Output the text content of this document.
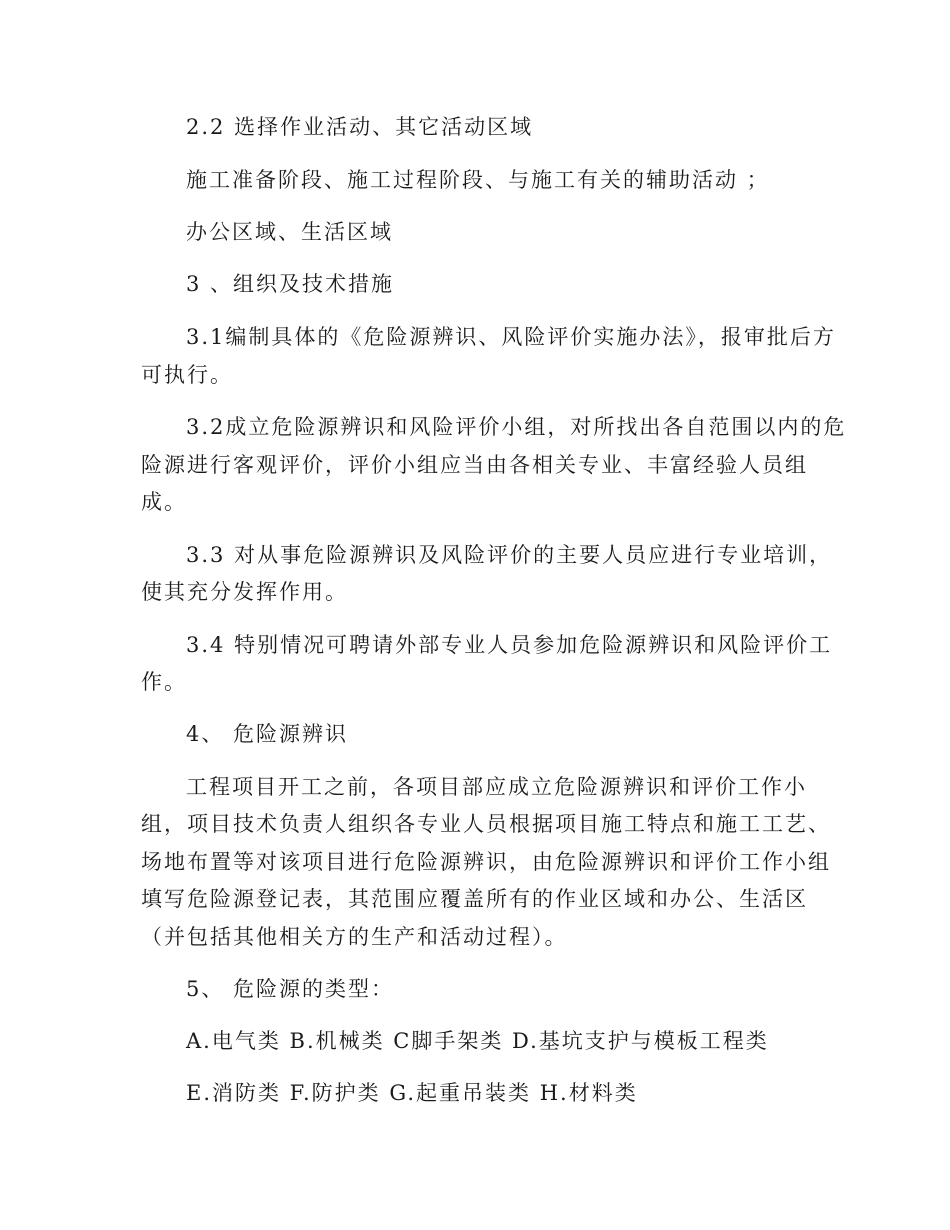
2.2 选择作业活动、其它活动区域

施工准备阶段、施工过程阶段、与施工有关的辅助活动 ；

办公区域、生活区域

3 、组织及技术措施

3.1编制具体的《危险源辨识、风险评价实施办法》，报审批后方

可执行。

3.2成立危险源辨识和风险评价小组，对所找出各自范围以内的危

险源进行客观评价，评价小组应当由各相关专业、丰富经验人员组

成。

3.3 对从事危险源辨识及风险评价的主要人员应进行专业培训，

使其充分发挥作用。

3.4 特别情况可聘请外部专业人员参加危险源辨识和风险评价工

作。

4、 危险源辨识

工程项目开工之前，各项目部应成立危险源辨识和评价工作小

组，项目技术负责人组织各专业人员根据项目施工特点和施工工艺、

场地布置等对该项目进行危险源辨识，由危险源辨识和评价工作小组

填写危险源登记表，其范围应覆盖所有的作业区域和办公、生活区

（并包括其他相关方的生产和活动过程）。

5、 危险源的类型：

A.电气类 B.机械类 C脚手架类 D.基坑支护与模板工程类

E.消防类 F.防护类 G.起重吊装类 H.材料类
